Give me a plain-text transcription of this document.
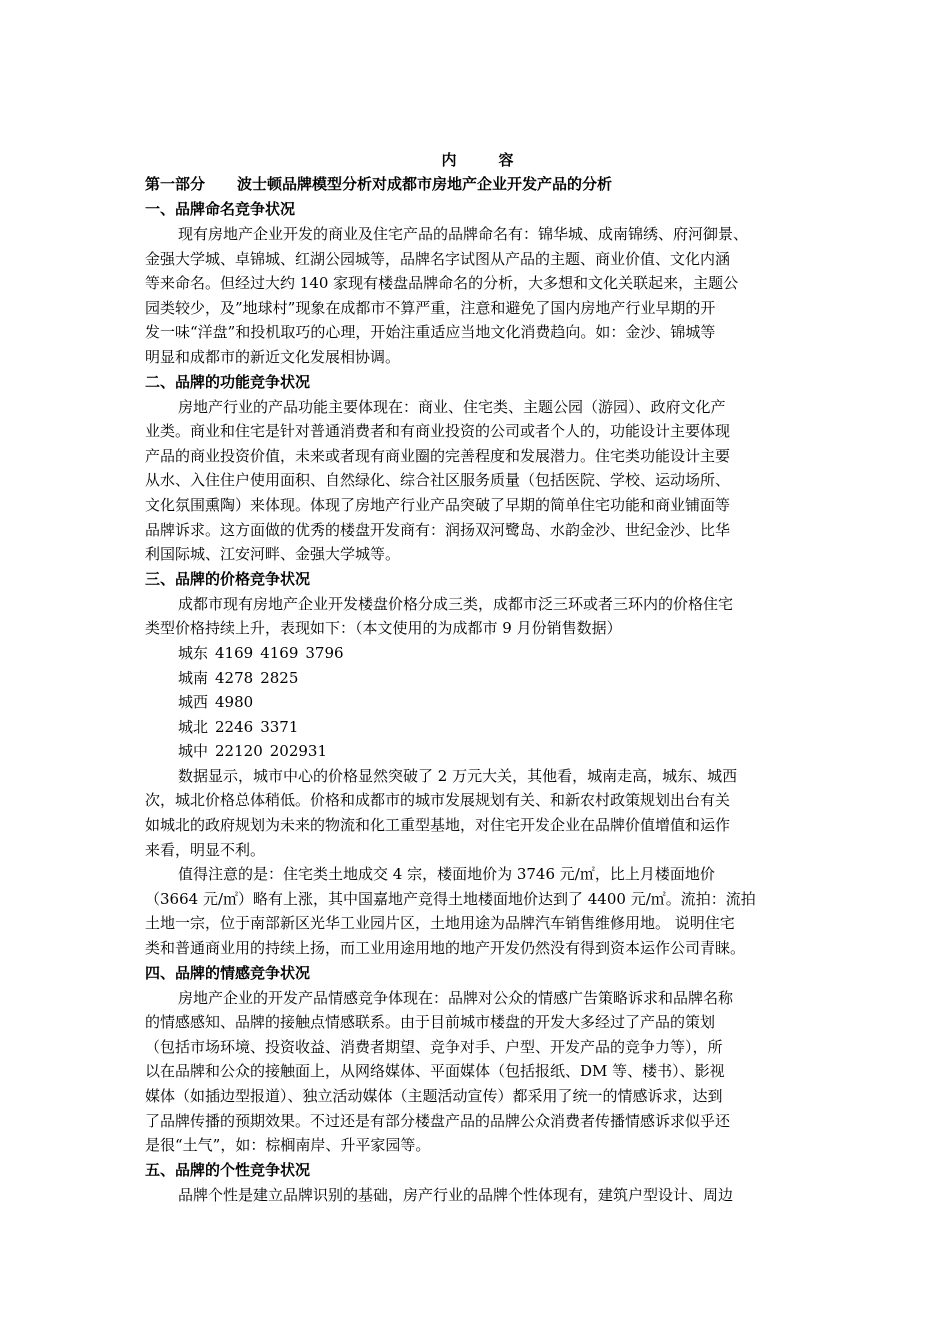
内	容
第一部分 波士顿品牌模型分析对成都市房地产企业开发产品的分析
一、品牌命名竞争状况
现有房地产企业开发的商业及住宅产品的品牌命名有：锦华城、成南锦绣、府河御景、
金强大学城、卓锦城、红湖公园城等，品牌名字试图从产品的主题、商业价值、文化内涵
等来命名。但经过大约 140 家现有楼盘品牌命名的分析，大多想和文化关联起来，主题公
园类较少，及”地球村”现象在成都市不算严重，注意和避免了国内房地产行业早期的开
发一味“洋盘”和投机取巧的心理，开始注重适应当地文化消费趋向。如：金沙、锦城等
明显和成都市的新近文化发展相协调。
二、品牌的功能竞争状况
房地产行业的产品功能主要体现在：商业、住宅类、主题公园（游园）、政府文化产
业类。商业和住宅是针对普通消费者和有商业投资的公司或者个人的，功能设计主要体现
产品的商业投资价值，未来或者现有商业圈的完善程度和发展潜力。住宅类功能设计主要
从水、入住住户使用面积、自然绿化、综合社区服务质量（包括医院、学校、运动场所、
文化氛围熏陶）来体现。体现了房地产行业产品突破了早期的简单住宅功能和商业铺面等
品牌诉求。这方面做的优秀的楼盘开发商有：润扬双河鹭岛、水韵金沙、世纪金沙、比华
利国际城、江安河畔、金强大学城等。
三、品牌的价格竞争状况
成都市现有房地产企业开发楼盘价格分成三类，成都市泛三环或者三环内的价格住宅
类型价格持续上升，表现如下：（本文使用的为成都市 9 月份销售数据）
城东 4169 4169 3796
城南 4278 2825
城西 4980
城北 2246 3371
城中 22120 202931
数据显示，城市中心的价格显然突破了 2 万元大关，其他看，城南走高，城东、城西
次，城北价格总体稍低。价格和成都市的城市发展规划有关、和新农村政策规划出台有关
如城北的政府规划为未来的物流和化工重型基地，对住宅开发企业在品牌价值增值和运作
来看，明显不利。
值得注意的是：住宅类土地成交 4 宗，楼面地价为 3746 元/㎡，比上月楼面地价
（3664 元/㎡）略有上涨，其中国嘉地产竞得土地楼面地价达到了 4400 元/㎡。流拍：流拍
土地一宗，位于南部新区光华工业园片区，土地用途为品牌汽车销售维修用地。 说明住宅
类和普通商业用的持续上扬，而工业用途用地的地产开发仍然没有得到资本运作公司青睐。
四、品牌的情感竞争状况
房地产企业的开发产品情感竞争体现在：品牌对公众的情感广告策略诉求和品牌名称
的情感感知、品牌的接触点情感联系。由于目前城市楼盘的开发大多经过了产品的策划
（包括市场环境、投资收益、消费者期望、竞争对手、户型、开发产品的竞争力等），所
以在品牌和公众的接触面上，从网络媒体、平面媒体（包括报纸、DM 等、楼书）、影视
媒体（如插边型报道）、独立活动媒体（主题活动宣传）都采用了统一的情感诉求，达到
了品牌传播的预期效果。不过还是有部分楼盘产品的品牌公众消费者传播情感诉求似乎还
是很“土气”，如：棕榈南岸、升平家园等。
五、品牌的个性竞争状况
品牌个性是建立品牌识别的基础，房产行业的品牌个性体现有，建筑户型设计、周边
